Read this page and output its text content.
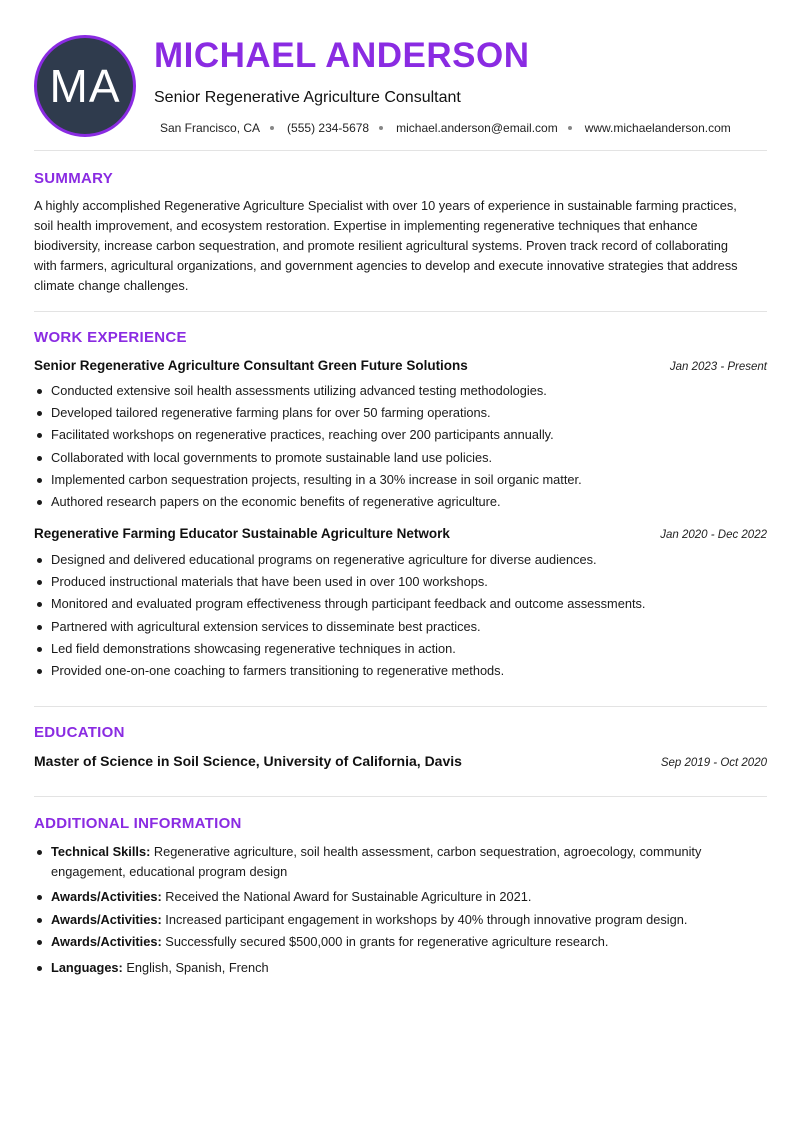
MA
MICHAEL ANDERSON
Senior Regenerative Agriculture Consultant
San Francisco, CA (555) 234-5678 michael.anderson@email.com www.michaelanderson.com
SUMMARY

A highly accomplished Regenerative Agriculture Specialist with over 10 years of experience in sustainable farming practices, soil health improvement, and ecosystem restoration. Expertise in implementing regenerative techniques that enhance biodiversity, increase carbon sequestration, and promote resilient agricultural systems. Proven track record of collaborating with farmers, agricultural organizations, and government agencies to develop and execute innovative strategies that address climate change challenges.

WORK EXPERIENCE
Senior Regenerative Agriculture Consultant Green Future Solutions	Jan 2023 - Present
Conducted extensive soil health assessments utilizing advanced testing methodologies.
Developed tailored regenerative farming plans for over 50 farming operations.
Facilitated workshops on regenerative practices, reaching over 200 participants annually.
Collaborated with local governments to promote sustainable land use policies.
Implemented carbon sequestration projects, resulting in a 30% increase in soil organic matter.
Authored research papers on the economic benefits of regenerative agriculture.
Regenerative Farming Educator Sustainable Agriculture Network	Jan 2020 - Dec 2022
Designed and delivered educational programs on regenerative agriculture for diverse audiences.
Produced instructional materials that have been used in over 100 workshops.
Monitored and evaluated program effectiveness through participant feedback and outcome assessments.
Partnered with agricultural extension services to disseminate best practices.
Led field demonstrations showcasing regenerative techniques in action.
Provided one-on-one coaching to farmers transitioning to regenerative methods.
EDUCATION
Master of Science in Soil Science, University of California, Davis	Sep 2019 - Oct 2020
ADDITIONAL INFORMATION
Technical Skills: Regenerative agriculture, soil health assessment, carbon sequestration, agroecology, community engagement, educational program design
Awards/Activities: Received the National Award for Sustainable Agriculture in 2021.
Awards/Activities: Increased participant engagement in workshops by 40% through innovative program design.
Awards/Activities: Successfully secured $500,000 in grants for regenerative agriculture research.
Languages: English, Spanish, French
